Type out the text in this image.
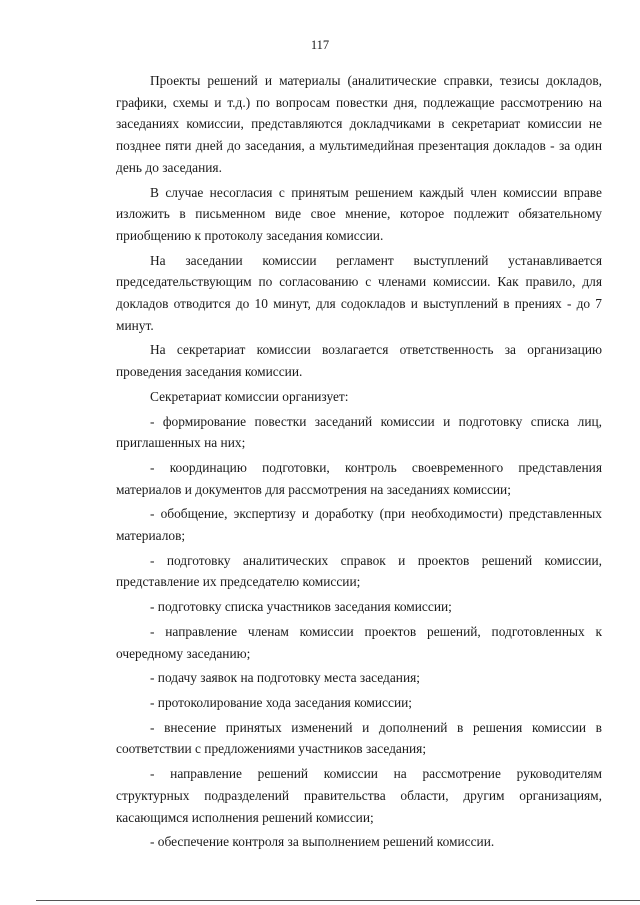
117

Проекты решений и материалы (аналитические справки, тезисы докладов, графики, схемы и т.д.) по вопросам повестки дня, подлежащие рассмотрению на заседаниях комиссии, представляются докладчиками в секретариат комиссии не позднее пяти дней до заседания, а мультимедийная презентация докладов - за один день до заседания.

В случае несогласия с принятым решением каждый член комиссии вправе изложить в письменном виде свое мнение, которое подлежит обязательному приобщению к протоколу заседания комиссии.

На заседании комиссии регламент выступлений устанавливается председательствующим по согласованию с членами комиссии. Как правило, для докладов отводится до 10 минут, для содокладов и выступлений в прениях - до 7 минут.

На секретариат комиссии возлагается ответственность за организацию проведения заседания комиссии.

Секретариат комиссии организует:

- формирование повестки заседаний комиссии и подготовку списка лиц, приглашенных на них;

- координацию подготовки, контроль своевременного представления материалов и документов для рассмотрения на заседаниях комиссии;

- обобщение, экспертизу и доработку (при необходимости) представленных материалов;

- подготовку аналитических справок и проектов решений комиссии, представление их председателю комиссии;

- подготовку списка участников заседания комиссии;

- направление членам комиссии проектов решений, подготовленных к очередному заседанию;

- подачу заявок на подготовку места заседания;

- протоколирование хода заседания комиссии;

- внесение принятых изменений и дополнений в решения комиссии в соответствии с предложениями участников заседания;

- направление решений комиссии на рассмотрение руководителям структурных подразделений правительства области, другим организациям, касающимся исполнения решений комиссии;

- обеспечение контроля за выполнением решений комиссии.
